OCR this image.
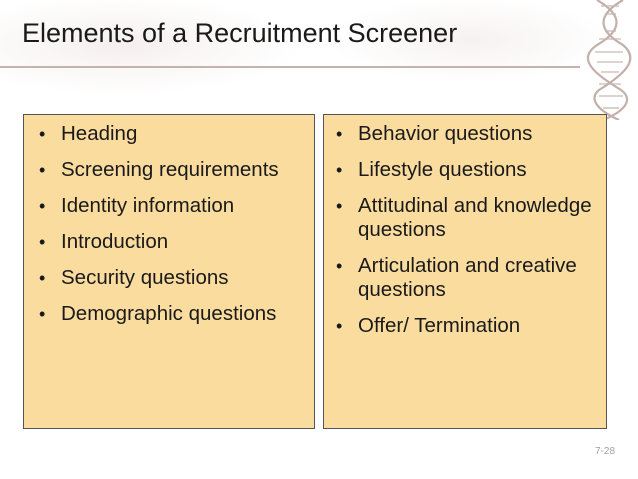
Elements of a Recruitment Screener
• Heading
• Screening requirements
• Identity information
• Introduction
• Security questions
• Demographic questions
• Behavior questions
• Lifestyle questions
• Attitudinal and knowledge questions
• Articulation and creative questions
• Offer/ Termination
7-28
